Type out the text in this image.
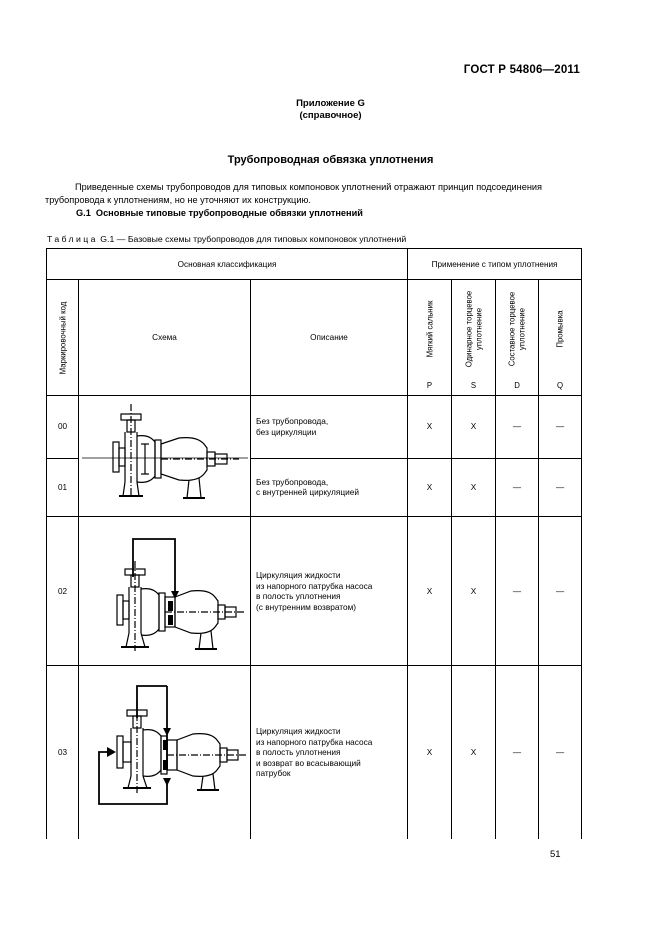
ГОСТ Р 54806—2011
Приложение G
(справочное)
Трубопроводная обвязка уплотнения
Приведенные схемы трубопроводов для типовых компоновок уплотнений отражают принцип подсоединения трубопровода к уплотнениям, но не уточняют их конструкцию.
G.1 Основные типовые трубопроводные обвязки уплотнений
Таблица G.1 — Базовые схемы трубопроводов для типовых компоновок уплотнений
Основная классификация			Применение с типом уплотнения			

Маркировочный код	Схема	Описание	Мягкий сальник	Одинарное торцевое уплотнение	Составное торцевое уплотнение	Промывка

			P	S	D	Q
00		Без трубопровода,
без циркуляции	X	X	—	—
01		Без трубопровода,
с внутренней циркуляцией	X	X	—	—
02		Циркуляция жидкости
из напорного патрубка насоса
в полость уплотнения
(с внутренним возвратом)	X	X	—	—
03		Циркуляция жидкости
из напорного патрубка насоса
в полость уплотнения
и возврат во всасывающий
патрубок	X	X	—	—
51
